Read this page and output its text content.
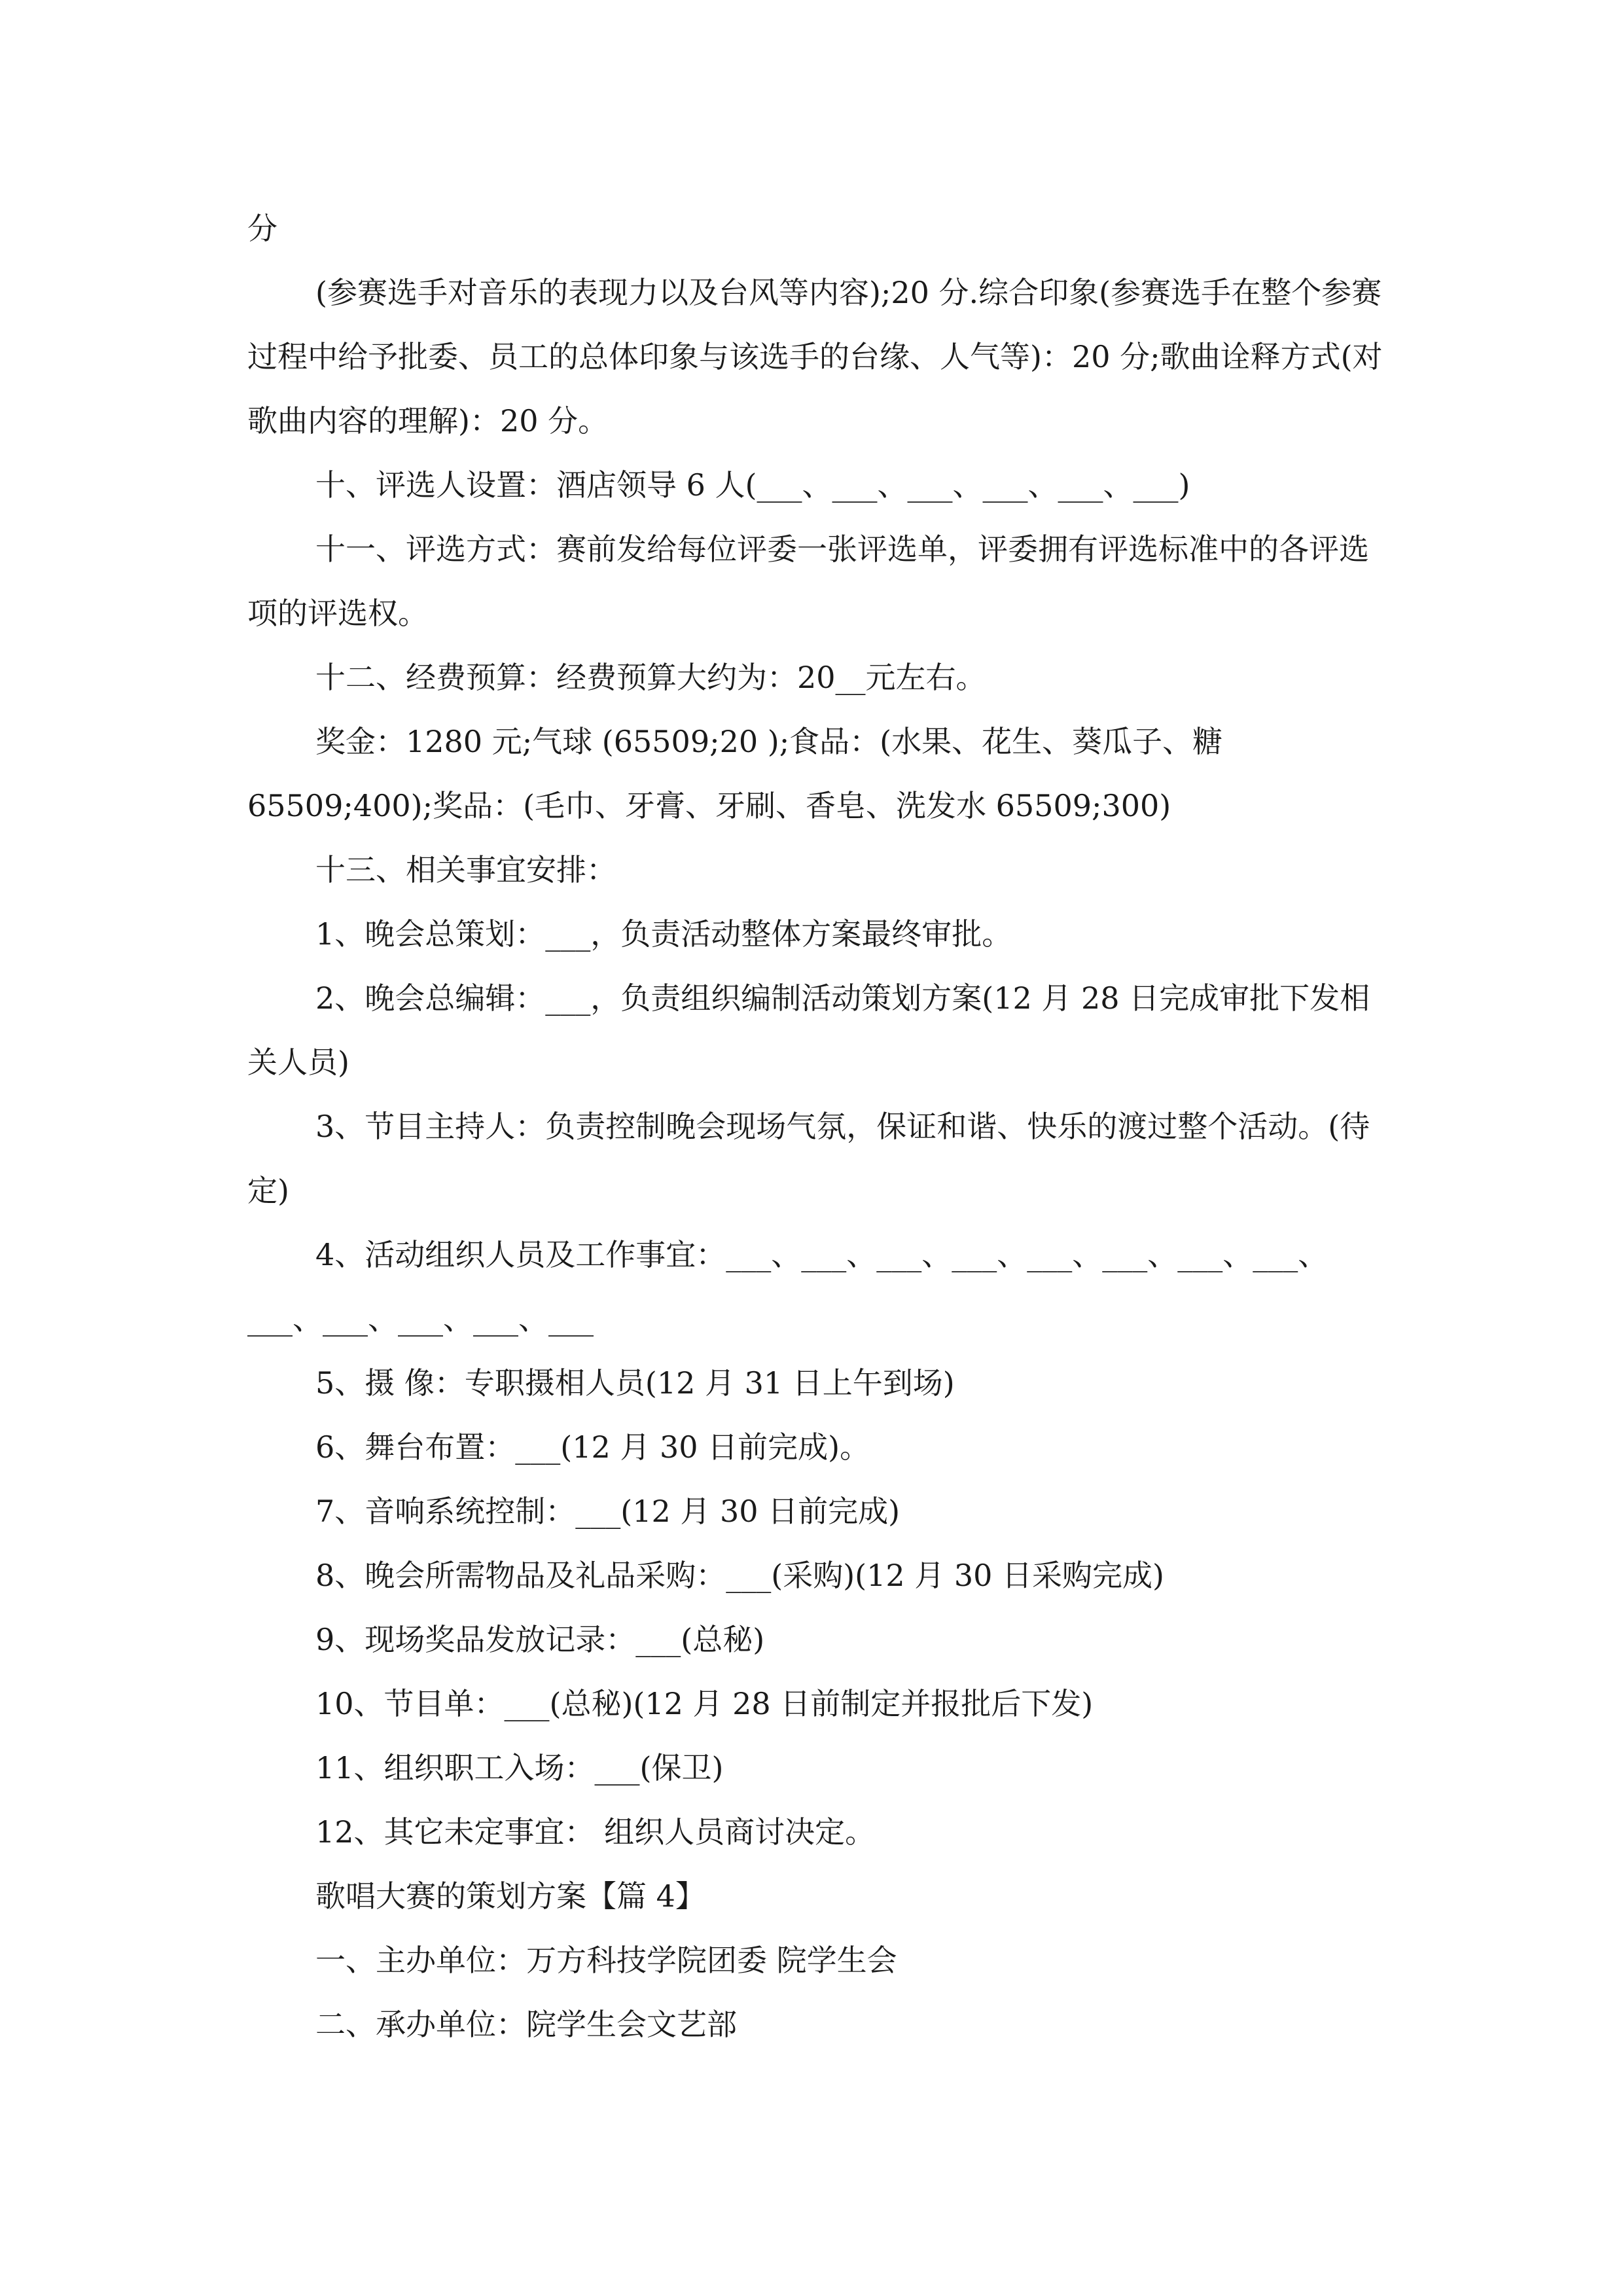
分

(参赛选手对音乐的表现力以及台风等内容);20 分.综合印象(参赛选手在整个参赛过程中给予批委、员工的总体印象与该选手的台缘、人气等)：20 分;歌曲诠释方式(对歌曲内容的理解)：20 分。

十、评选人设置：酒店领导 6 人(___、___、___、___、___、___)

十一、评选方式：赛前发给每位评委一张评选单，评委拥有评选标准中的各评选项的评选权。

十二、经费预算：经费预算大约为：20__元左右。

奖金：1280 元;气球 (65509;20 );食品：(水果、花生、葵瓜子、糖65509;400);奖品：(毛巾、牙膏、牙刷、香皂、洗发水 65509;300)

十三、相关事宜安排：

1、晚会总策划：___，负责活动整体方案最终审批。

2、晚会总编辑：___，负责组织编制活动策划方案(12 月 28 日完成审批下发相关人员)

3、节目主持人：负责控制晚会现场气氛，保证和谐、快乐的渡过整个活动。(待定)

4、活动组织人员及工作事宜：___、___、___、___、___、___、___、___、___、___、___、___、___

5、摄 像：专职摄相人员(12 月 31 日上午到场)

6、舞台布置：___(12 月 30 日前完成)。

7、音响系统控制：___(12 月 30 日前完成)

8、晚会所需物品及礼品采购：___(采购)(12 月 30 日采购完成)

9、现场奖品发放记录：___(总秘)

10、节目单：___(总秘)(12 月 28 日前制定并报批后下发)

11、组织职工入场：___(保卫)

12、其它未定事宜： 组织人员商讨决定。

歌唱大赛的策划方案【篇 4】

一、主办单位：万方科技学院团委 院学生会

二、承办单位：院学生会文艺部
